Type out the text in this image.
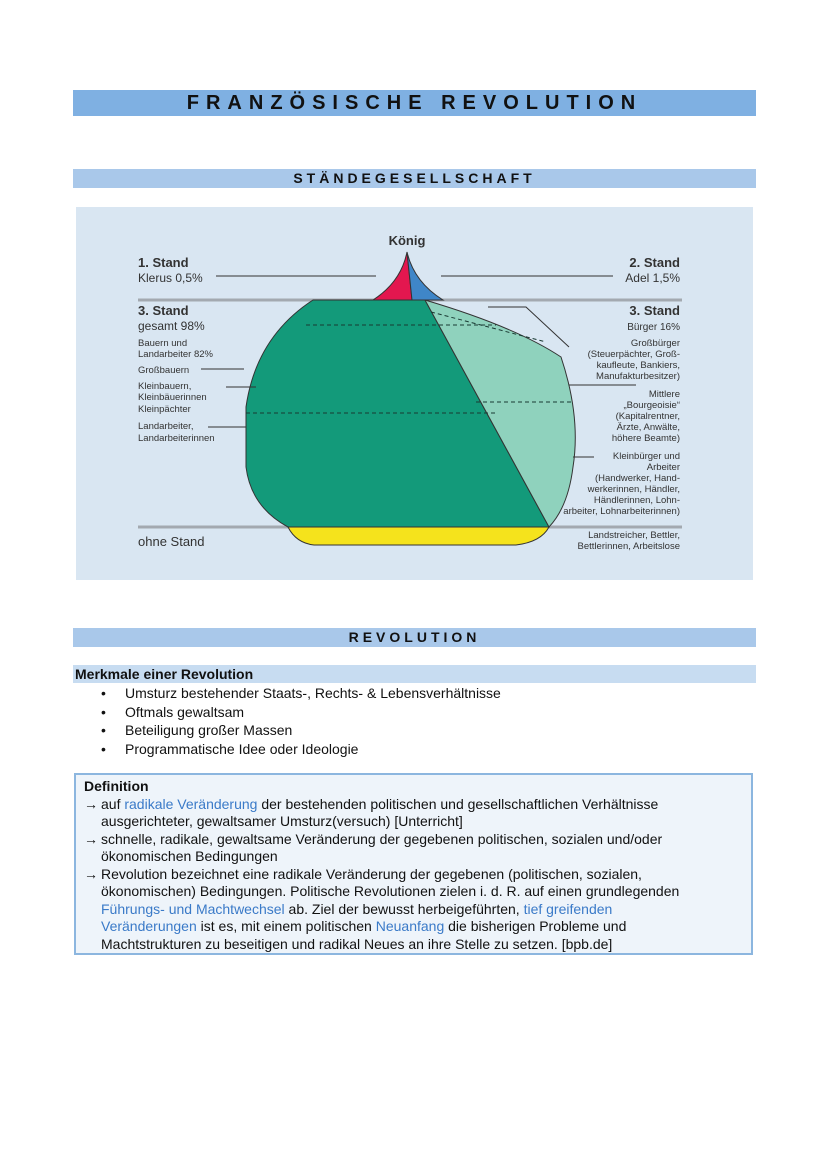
FRANZÖSISCHE REVOLUTION
STÄNDEGESELLSCHAFT
König
1. Stand
Klerus 0,5%
2. Stand
Adel 1,5%
3. Stand
gesamt 98%
Bauern und
Landarbeiter 82%
Großbauern
Kleinbauern,
Kleinbäuerinnen
Kleinpächter
Landarbeiter,
Landarbeiterinnen
3. Stand
Bürger 16%
Großbürger
(Steuerpächter, Groß-
kaufleute, Bankiers,
Manufakturbesitzer)
Mittlere
„Bourgeoisie“
(Kapitalrentner,
Ärzte, Anwälte,
höhere Beamte)
Kleinbürger und
Arbeiter
(Handwerker, Hand-
werkerinnen, Händler,
Händlerinnen, Lohn-
arbeiter, Lohnarbeiterinnen)
Landstreicher, Bettler,
Bettlerinnen, Arbeitslose
ohne Stand
REVOLUTION
Merkmale einer Revolution
• Umsturz bestehender Staats-, Rechts- & Lebensverhältnisse
• Oftmals gewaltsam
• Beteiligung großer Massen
• Programmatische Idee oder Ideologie
Definition
→ auf radikale Veränderung der bestehenden politischen und gesellschaftlichen Verhältnisse
ausgerichteter, gewaltsamer Umsturz(versuch) [Unterricht]
→ schnelle, radikale, gewaltsame Veränderung der gegebenen politischen, sozialen und/oder
ökonomischen Bedingungen
→ Revolution bezeichnet eine radikale Veränderung der gegebenen (politischen, sozialen,
ökonomischen) Bedingungen. Politische Revolutionen zielen i. d. R. auf einen grundlegenden
Führungs- und Machtwechsel ab. Ziel der bewusst herbeigeführten, tief greifenden
Veränderungen ist es, mit einem politischen Neuanfang die bisherigen Probleme und
Machtstrukturen zu beseitigen und radikal Neues an ihre Stelle zu setzen. [bpb.de]
